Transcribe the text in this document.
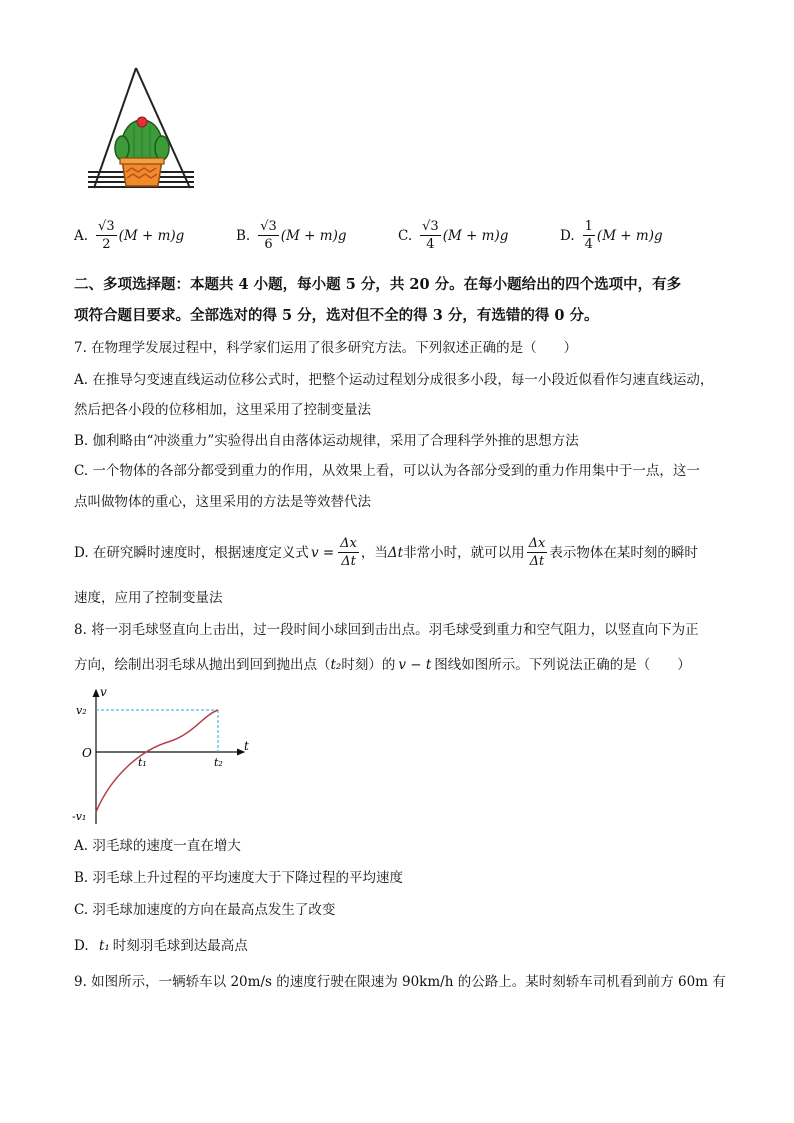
A. $\frac{√3}{2} (M + m)g$	B. $\frac{√3}{6} (M + m)g$	C. $\frac{√3}{4} (M + m)g$	D. $\frac{1}{4} (M + m)g$
二、多项选择题：本题共 4 小题，每小题 5 分，共 20 分。在每小题给出的四个选项中，有多
项符合题目要求。全部选对的得 5 分，选对但不全的得 3 分，有选错的得 0 分。
7. 在物理学发展过程中，科学家们运用了很多研究方法。下列叙述正确的是（　　）
A. 在推导匀变速直线运动位移公式时，把整个运动过程划分成很多小段，每一小段近似看作匀速直线运动，
然后把各小段的位移相加，这里采用了控制变量法
B. 伽利略由“冲淡重力”实验得出自由落体运动规律，采用了合理科学外推的思想方法
C. 一个物体的各部分都受到重力的作用，从效果上看，可以认为各部分受到的重力作用集中于一点，这一
点叫做物体的重心，这里采用的方法是等效替代法
D. 在研究瞬时速度时，根据速度定义式 $v = \frac{\Delta x}{\Delta t}$ ，当 Δt 非常小时，就可以用 $\frac{\Delta x}{\Delta t}$ 表示物体在某时刻的瞬时
速度，应用了控制变量法
8. 将一羽毛球竖直向上击出，过一段时间小球回到击出点。羽毛球受到重力和空气阻力，以竖直向下为正
方向，绘制出羽毛球从抛出到回到抛出点（t₂时刻）的 v − t 图线如图所示。下列说法正确的是（　　）
v
t
O
v₂
-v₁
t₁	t₂
A. 羽毛球的速度一直在增大
B. 羽毛球上升过程的平均速度大于下降过程的平均速度
C. 羽毛球加速度的方向在最高点发生了改变
D. t₁ 时刻羽毛球到达最高点
9. 如图所示，一辆轿车以 20m/s 的速度行驶在限速为 90km/h 的公路上。某时刻轿车司机看到前方 60m 有
